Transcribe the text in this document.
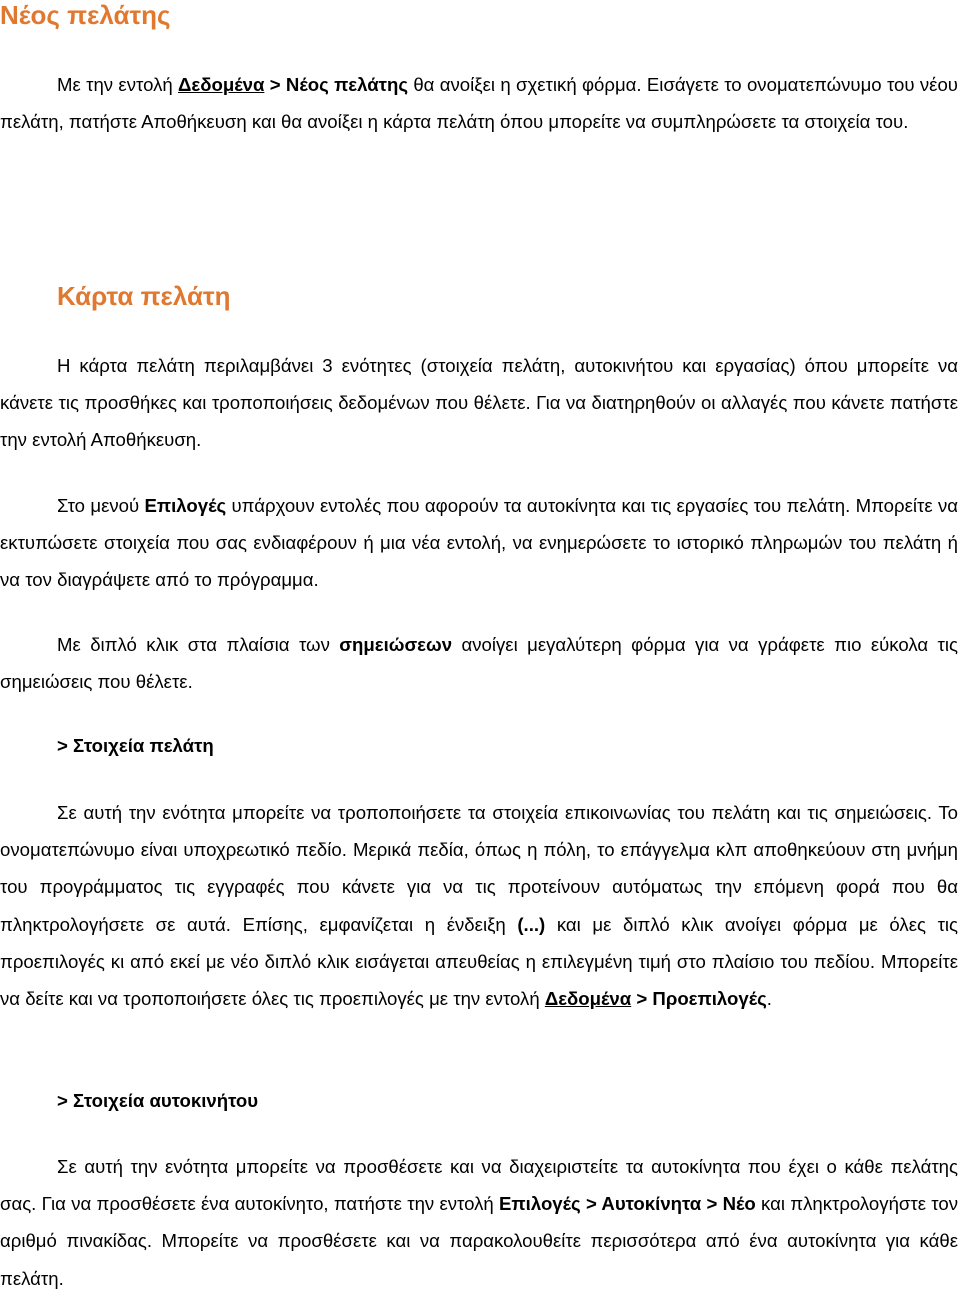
Νέος πελάτης

Με την εντολή Δεδομένα > Νέος πελάτης θα ανοίξει η σχετική φόρμα. Εισάγετε το ονοματεπώνυμο του νέου πελάτη, πατήστε Αποθήκευση και θα ανοίξει η κάρτα πελάτη όπου μπορείτε να συμπληρώσετε τα στοιχεία του.

Κάρτα πελάτη

Η κάρτα πελάτη περιλαμβάνει 3 ενότητες (στοιχεία πελάτη, αυτοκινήτου και εργασίας) όπου μπορείτε να κάνετε τις προσθήκες και τροποποιήσεις δεδομένων που θέλετε. Για να διατηρηθούν οι αλλαγές που κάνετε πατήστε την εντολή Αποθήκευση.

Στο μενού Επιλογές υπάρχουν εντολές που αφορούν τα αυτοκίνητα και τις εργασίες του πελάτη. Μπορείτε να εκτυπώσετε στοιχεία που σας ενδιαφέρουν ή μια νέα εντολή, να ενημερώσετε το ιστορικό πληρωμών του πελάτη ή να τον διαγράψετε από το πρόγραμμα.

Με διπλό κλικ στα πλαίσια των σημειώσεων ανοίγει μεγαλύτερη φόρμα για να γράφετε πιο εύκολα τις σημειώσεις που θέλετε.

> Στοιχεία πελάτη

Σε αυτή την ενότητα μπορείτε να τροποποιήσετε τα στοιχεία επικοινωνίας του πελάτη και τις σημειώσεις. Το ονοματεπώνυμο είναι υποχρεωτικό πεδίο. Μερικά πεδία, όπως η πόλη, το επάγγελμα κλπ αποθηκεύουν στη μνήμη του προγράμματος τις εγγραφές που κάνετε για να τις προτείνουν αυτόματως την επόμενη φορά που θα πληκτρολογήσετε σε αυτά. Επίσης, εμφανίζεται η ένδειξη (...) και με διπλό κλικ ανοίγει φόρμα με όλες τις προεπιλογές κι από εκεί με νέο διπλό κλικ εισάγεται απευθείας η επιλεγμένη τιμή στο πλαίσιο του πεδίου. Μπορείτε να δείτε και να τροποποιήσετε όλες τις προεπιλογές με την εντολή Δεδομένα > Προεπιλογές.

> Στοιχεία αυτοκινήτου

Σε αυτή την ενότητα μπορείτε να προσθέσετε και να διαχειριστείτε τα αυτοκίνητα που έχει ο κάθε πελάτης σας. Για να προσθέσετε ένα αυτοκίνητο, πατήστε την εντολή Επιλογές > Αυτοκίνητα > Νέο και πληκτρολογήστε τον αριθμό πινακίδας. Μπορείτε να προσθέσετε και να παρακολουθείτε περισσότερα από ένα αυτοκίνητα για κάθε πελάτη.
